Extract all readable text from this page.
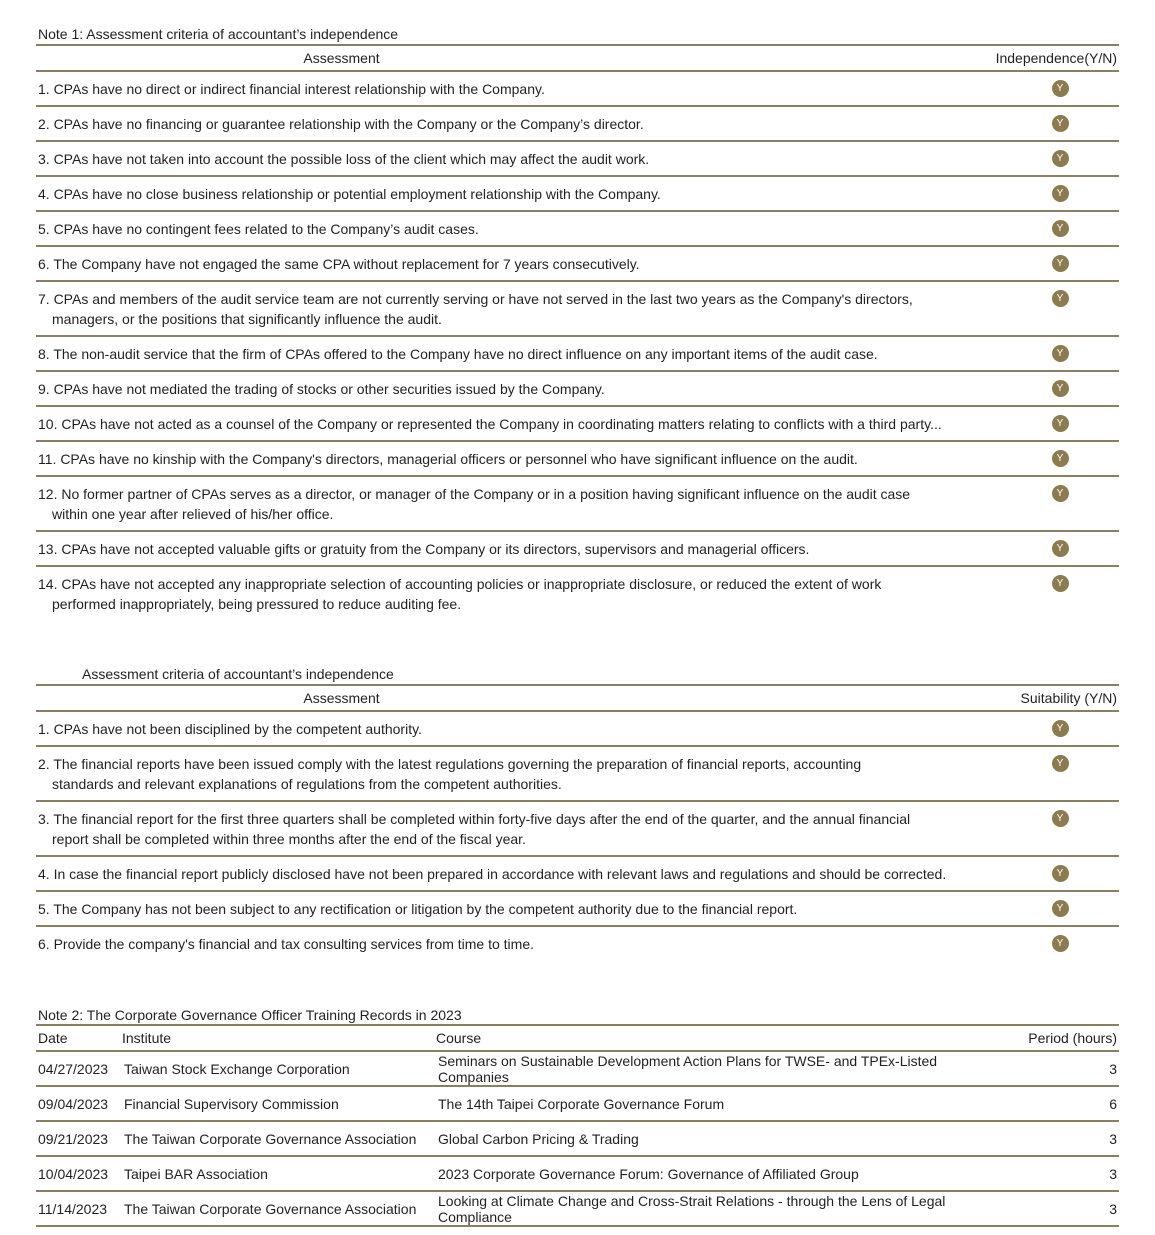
Note 1: Assessment criteria of accountant’s independence
Assessment	Independence(Y/N)

1. CPAs have no direct or indirect financial interest relationship with the Company.	Y

2. CPAs have no financing or guarantee relationship with the Company or the Company’s director.	Y

3. CPAs have not taken into account the possible loss of the client which may affect the audit work.	Y

4. CPAs have no close business relationship or potential employment relationship with the Company.	Y

5. CPAs have no contingent fees related to the Company’s audit cases.	Y

6. The Company have not engaged the same CPA without replacement for 7 years consecutively.	Y

7. CPAs and members of the audit service team are not currently serving or have not served in the last two years as the Company's directors,
managers, or the positions that significantly influence the audit.	Y

8. The non-audit service that the firm of CPAs offered to the Company have no direct influence on any important items of the audit case.	Y

9. CPAs have not mediated the trading of stocks or other securities issued by the Company.	Y

10. CPAs have not acted as a counsel of the Company or represented the Company in coordinating matters relating to conflicts with a third party...	Y

11. CPAs have no kinship with the Company's directors, managerial officers or personnel who have significant influence on the audit.	Y

12. No former partner of CPAs serves as a director, or manager of the Company or in a position having significant influence on the audit case
within one year after relieved of his/her office.	Y

13. CPAs have not accepted valuable gifts or gratuity from the Company or its directors, supervisors and managerial officers.	Y

14. CPAs have not accepted any inappropriate selection of accounting policies or inappropriate disclosure, or reduced the extent of work
performed inappropriately, being pressured to reduce auditing fee.	Y
Assessment criteria of accountant’s independence
Assessment	Suitability (Y/N)

1. CPAs have not been disciplined by the competent authority.	Y

2. The financial reports have been issued comply with the latest regulations governing the preparation of financial reports, accounting
standards and relevant explanations of regulations from the competent authorities.	Y

3. The financial report for the first three quarters shall be completed within forty-five days after the end of the quarter, and the annual financial
report shall be completed within three months after the end of the fiscal year.	Y

4. In case the financial report publicly disclosed have not been prepared in accordance with relevant laws and regulations and should be corrected.	Y

5. The Company has not been subject to any rectification or litigation by the competent authority due to the financial report.	Y

6. Provide the company's financial and tax consulting services from time to time.	Y
Note 2: The Corporate Governance Officer Training Records in 2023
Date	Institute	Course	Period (hours)
04/27/2023	Taiwan Stock Exchange Corporation	Seminars on Sustainable Development Action Plans for TWSE- and TPEx-Listed Companies	3
09/04/2023	Financial Supervisory Commission	The 14th Taipei Corporate Governance Forum	6
09/21/2023	The Taiwan Corporate Governance Association	Global Carbon Pricing & Trading	3
10/04/2023	Taipei BAR Association	2023 Corporate Governance Forum: Governance of Affiliated Group	3
11/14/2023	The Taiwan Corporate Governance Association	Looking at Climate Change and Cross-Strait Relations - through the Lens of Legal Compliance	3
